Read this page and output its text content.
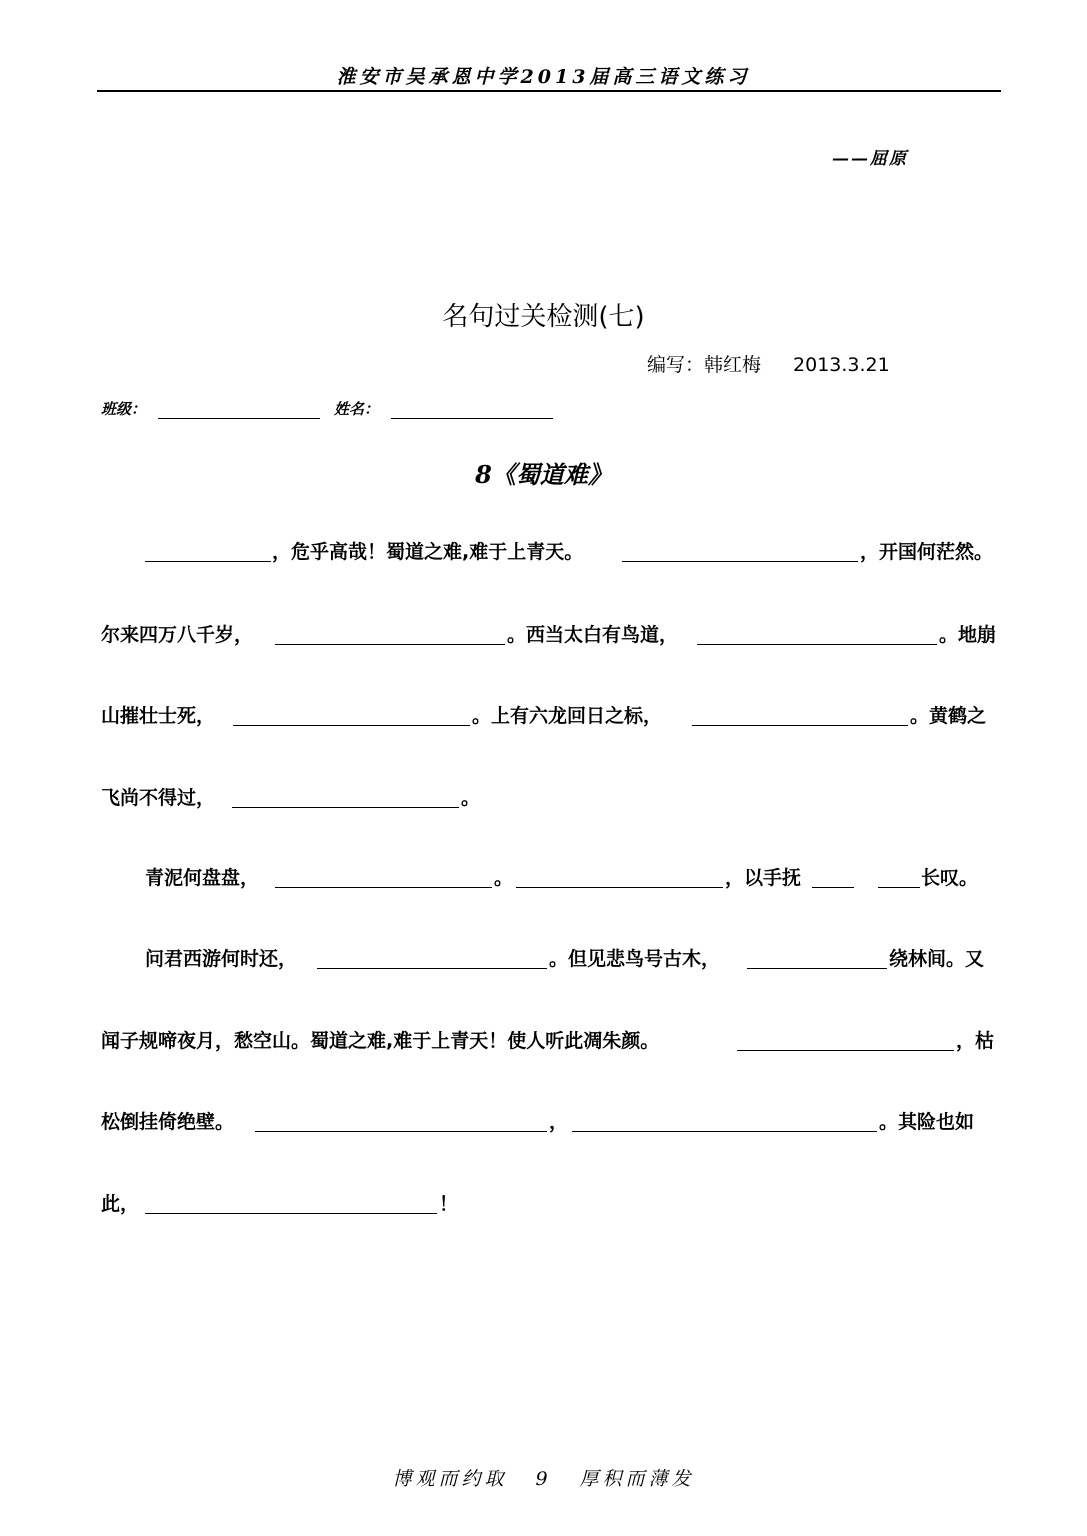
淮安市吴承恩中学2013届高三语文练习
——屈原
名句过关检测(七)
编写：韩红梅 2013.3.21
班级：	姓名：
8《蜀道难》
，危乎高哉！蜀道之难,难于上青天。	，开国何茫然。
尔来四万八千岁，	。西当太白有鸟道，	。地崩
山摧壮士死，	。上有六龙回日之标，	。黄鹤之
飞尚不得过，	。
青泥何盘盘，	。	，以手抚	长叹。
问君西游何时还，	。但见悲鸟号古木，	绕林间。又
闻子规啼夜月，愁空山。蜀道之难,难于上青天！使人听此凋朱颜。	，枯
松倒挂倚绝壁。	，	。其险也如
此，	！
博观而约取 9 厚积而薄发
